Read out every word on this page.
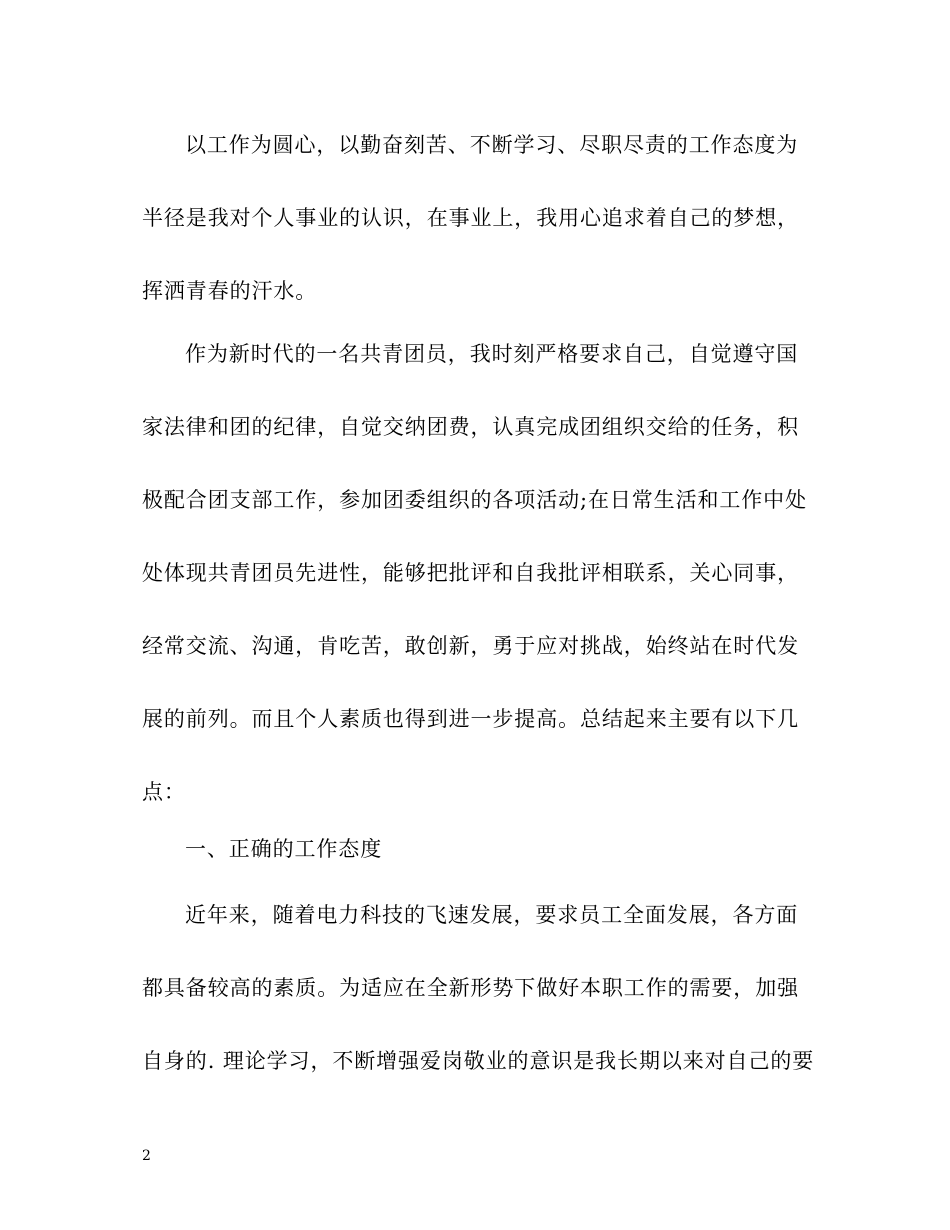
以工作为圆心，以勤奋刻苦、不断学习、尽职尽责的工作态度为
半径是我对个人事业的认识，在事业上，我用心追求着自己的梦想，
挥洒青春的汗水。
作为新时代的一名共青团员，我时刻严格要求自己，自觉遵守国
家法律和团的纪律，自觉交纳团费，认真完成团组织交给的任务，积
极配合团支部工作，参加团委组织的各项活动;在日常生活和工作中处
处体现共青团员先进性，能够把批评和自我批评相联系，关心同事，
经常交流、沟通，肯吃苦，敢创新，勇于应对挑战，始终站在时代发
展的前列。而且个人素质也得到进一步提高。总结起来主要有以下几
点：
一、正确的工作态度
近年来，随着电力科技的飞速发展，要求员工全面发展，各方面
都具备较高的素质。为适应在全新形势下做好本职工作的需要，加强
自身的. 理论学习，不断增强爱岗敬业的意识是我长期以来对自己的要
2
